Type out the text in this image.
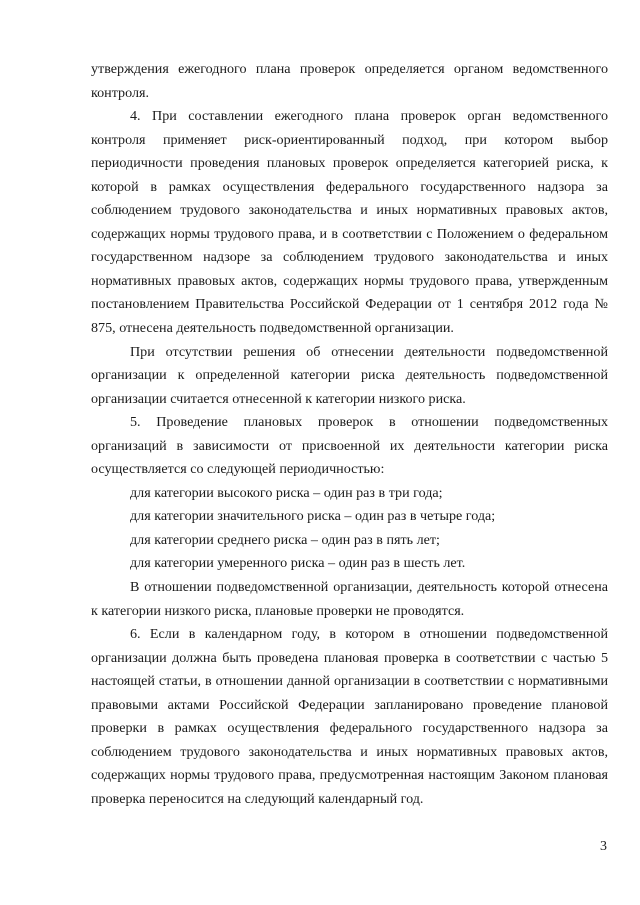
утверждения ежегодного плана проверок определяется органом ведомственного контроля.

4. При составлении ежегодного плана проверок орган ведомственного контроля применяет риск-ориентированный подход, при котором выбор периодичности проведения плановых проверок определяется категорией риска, к которой в рамках осуществления федерального государственного надзора за соблюдением трудового законодательства и иных нормативных правовых актов, содержащих нормы трудового права, и в соответствии с Положением о федеральном государственном надзоре за соблюдением трудового законодательства и иных нормативных правовых актов, содержащих нормы трудового права, утвержденным постановлением Правительства Российской Федерации от 1 сентября 2012 года № 875, отнесена деятельность подведомственной организации.

При отсутствии решения об отнесении деятельности подведомственной организации к определенной категории риска деятельность подведомственной организации считается отнесенной к категории низкого риска.

5. Проведение плановых проверок в отношении подведомственных организаций в зависимости от присвоенной их деятельности категории риска осуществляется со следующей периодичностью:

для категории высокого риска – один раз в три года;

для категории значительного риска – один раз в четыре года;

для категории среднего риска – один раз в пять лет;

для категории умеренного риска – один раз в шесть лет.

В отношении подведомственной организации, деятельность которой отнесена к категории низкого риска, плановые проверки не проводятся.

6. Если в календарном году, в котором в отношении подведомственной организации должна быть проведена плановая проверка в соответствии с частью 5 настоящей статьи, в отношении данной организации в соответствии с нормативными правовыми актами Российской Федерации запланировано проведение плановой проверки в рамках осуществления федерального государственного надзора за соблюдением трудового законодательства и иных нормативных правовых актов, содержащих нормы трудового права, предусмотренная настоящим Законом плановая проверка переносится на следующий календарный год.

3
